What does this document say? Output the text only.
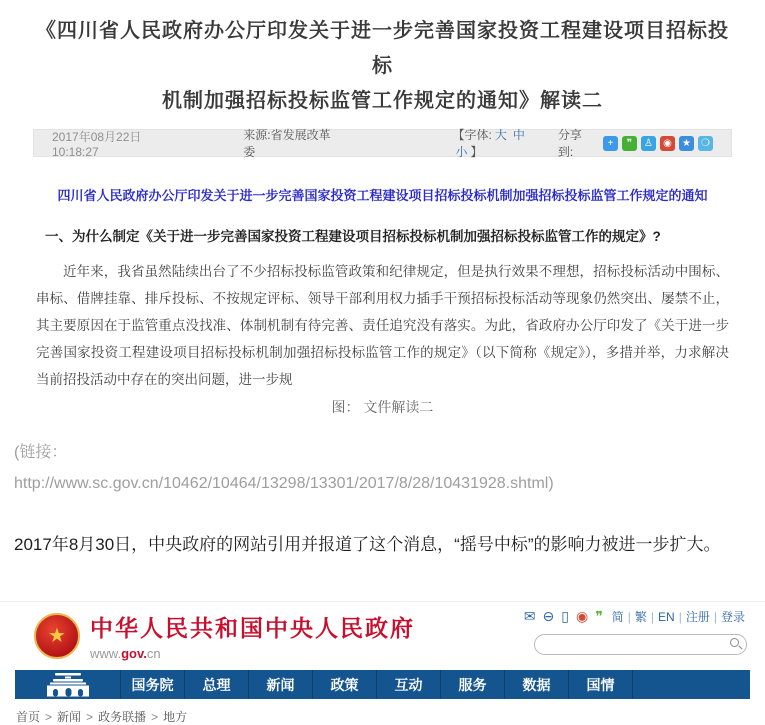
《四川省人民政府办公厅印发关于进一步完善国家投资工程建设项目招标投标
机制加强招标投标监管工作规定的通知》解读二
2017年08月22日 10:18:27
来源:省发展改革委
【字体: 大 中小 】
分享到:
+	❞	♙	◉	★	❍
四川省人民政府办公厅印发关于进一步完善国家投资工程建设项目招标投标机制加强招标投标监管工作规定的通知
一、为什么制定《关于进一步完善国家投资工程建设项目招标投标机制加强招标投标监管工作的规定》?
近年来，我省虽然陆续出台了不少招标投标监管政策和纪律规定，但是执行效果不理想，招标投标活动中围标、串标、借牌挂靠、排斥投标、不按规定评标、领导干部利用权力插手干预招标投标活动等现象仍然突出、屡禁不止，其主要原因在于监管重点没找准、体制机制有待完善、责任追究没有落实。为此，省政府办公厅印发了《关于进一步完善国家投资工程建设项目招标投标机制加强招标投标监管工作的规定》（以下简称《规定》），多措并举，力求解决当前招投活动中存在的突出问题，进一步规
图： 文件解读二
(链接：
http://www.sc.gov.cn/10462/10464/13298/13301/2017/8/28/10431928.shtml)
2017年8月30日，中央政府的网站引用并报道了这个消息，“摇号中标”的影响力被进一步扩大。
★ 中华人民共和国中央人民政府
www.gov.cn
✉ ⊖ ▯ ◉ ❞ 简 | 繁 | EN | 注册 | 登录
国务院	总理	新闻	政策	互动	服务	数据	国情
首页 > 新闻 > 政务联播 > 地方
